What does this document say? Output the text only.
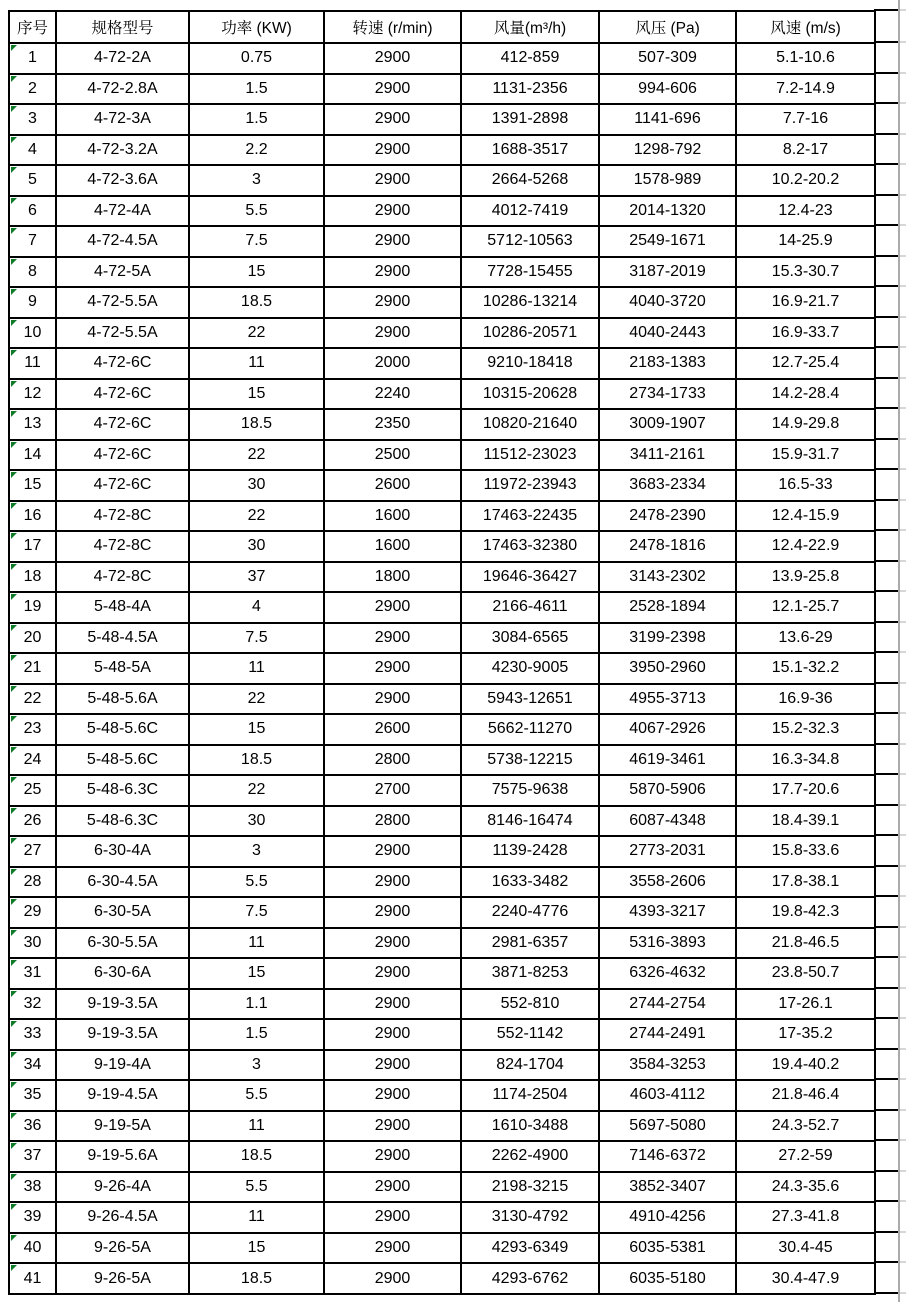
序号	规格型号	功率 (KW)	转速 (r/min)	风量(m³/h)	风压 (Pa)	风速 (m/s)

1	4-72-2A	0.75	2900	412-859	507-309	5.1-10.6

2	4-72-2.8A	1.5	2900	1131-2356	994-606	7.2-14.9

3	4-72-3A	1.5	2900	1391-2898	1141-696	7.7-16

4	4-72-3.2A	2.2	2900	1688-3517	1298-792	8.2-17

5	4-72-3.6A	3	2900	2664-5268	1578-989	10.2-20.2

6	4-72-4A	5.5	2900	4012-7419	2014-1320	12.4-23

7	4-72-4.5A	7.5	2900	5712-10563	2549-1671	14-25.9

8	4-72-5A	15	2900	7728-15455	3187-2019	15.3-30.7

9	4-72-5.5A	18.5	2900	10286-13214	4040-3720	16.9-21.7

10	4-72-5.5A	22	2900	10286-20571	4040-2443	16.9-33.7

11	4-72-6C	11	2000	9210-18418	2183-1383	12.7-25.4

12	4-72-6C	15	2240	10315-20628	2734-1733	14.2-28.4

13	4-72-6C	18.5	2350	10820-21640	3009-1907	14.9-29.8

14	4-72-6C	22	2500	11512-23023	3411-2161	15.9-31.7

15	4-72-6C	30	2600	11972-23943	3683-2334	16.5-33

16	4-72-8C	22	1600	17463-22435	2478-2390	12.4-15.9

17	4-72-8C	30	1600	17463-32380	2478-1816	12.4-22.9

18	4-72-8C	37	1800	19646-36427	3143-2302	13.9-25.8

19	5-48-4A	4	2900	2166-4611	2528-1894	12.1-25.7

20	5-48-4.5A	7.5	2900	3084-6565	3199-2398	13.6-29

21	5-48-5A	11	2900	4230-9005	3950-2960	15.1-32.2

22	5-48-5.6A	22	2900	5943-12651	4955-3713	16.9-36

23	5-48-5.6C	15	2600	5662-11270	4067-2926	15.2-32.3

24	5-48-5.6C	18.5	2800	5738-12215	4619-3461	16.3-34.8

25	5-48-6.3C	22	2700	7575-9638	5870-5906	17.7-20.6

26	5-48-6.3C	30	2800	8146-16474	6087-4348	18.4-39.1

27	6-30-4A	3	2900	1139-2428	2773-2031	15.8-33.6

28	6-30-4.5A	5.5	2900	1633-3482	3558-2606	17.8-38.1

29	6-30-5A	7.5	2900	2240-4776	4393-3217	19.8-42.3

30	6-30-5.5A	11	2900	2981-6357	5316-3893	21.8-46.5

31	6-30-6A	15	2900	3871-8253	6326-4632	23.8-50.7

32	9-19-3.5A	1.1	2900	552-810	2744-2754	17-26.1

33	9-19-3.5A	1.5	2900	552-1142	2744-2491	17-35.2

34	9-19-4A	3	2900	824-1704	3584-3253	19.4-40.2

35	9-19-4.5A	5.5	2900	1174-2504	4603-4112	21.8-46.4

36	9-19-5A	11	2900	1610-3488	5697-5080	24.3-52.7

37	9-19-5.6A	18.5	2900	2262-4900	7146-6372	27.2-59

38	9-26-4A	5.5	2900	2198-3215	3852-3407	24.3-35.6

39	9-26-4.5A	11	2900	3130-4792	4910-4256	27.3-41.8

40	9-26-5A	15	2900	4293-6349	6035-5381	30.4-45

41	9-26-5A	18.5	2900	4293-6762	6035-5180	30.4-47.9
